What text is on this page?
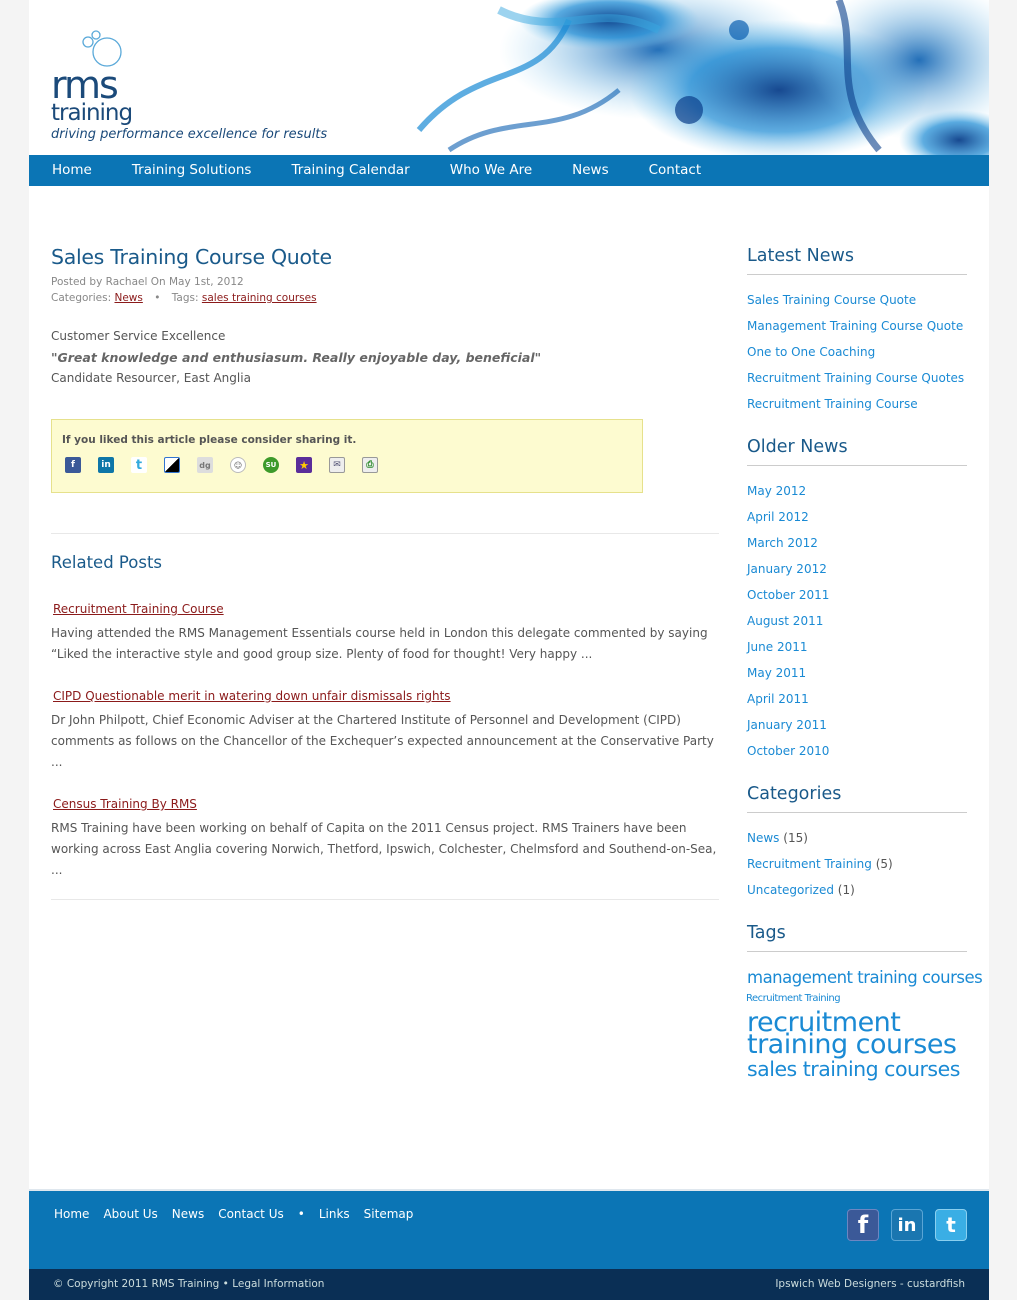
rms
training
driving performance excellence for results
Home	Training Solutions	Training Calendar	Who We Are	News	Contact
Sales Training Course Quote
Posted by Rachael On May 1st, 2012
Categories: News • Tags: sales training courses
Customer Service Excellence
"Great knowledge and enthusiasum. Really enjoyable day, beneficial"
Candidate Resourcer, East Anglia
If you liked this article please consider sharing it.
f	in	t	dg	☺	SU ★	✉	⎙
Related Posts
Recruitment Training Course

Having attended the RMS Management Essentials course held in London this delegate commented by saying “Liked the interactive style and good group size. Plenty of food for thought! Very happy ...

CIPD Questionable merit in watering down unfair dismissals rights

Dr John Philpott, Chief Economic Adviser at the Chartered Institute of Personnel and Development (CIPD) comments as follows on the Chancellor of the Exchequer’s expected announcement at the Conservative Party ...

Census Training By RMS

RMS Training have been working on behalf of Capita on the 2011 Census project. RMS Trainers have been working across East Anglia covering Norwich, Thetford, Ipswich, Colchester, Chelmsford and Southend-on-Sea, ...

Latest News
Sales Training Course Quote
Management Training Course Quote
One to One Coaching
Recruitment Training Course Quotes
Recruitment Training Course
Older News
May 2012
April 2012
March 2012
January 2012
October 2011
August 2011
June 2011
May 2011
April 2011
January 2011
October 2010
Categories
News (15)
Recruitment Training (5)
Uncategorized (1)
Tags
management training courses
Recruitment Training
recruitment training courses
sales training courses
Home About Us News Contact Us • Links Sitemap	f	in	t
© Copyright 2011 RMS Training • Legal Information	Ipswich Web Designers - custardfish
